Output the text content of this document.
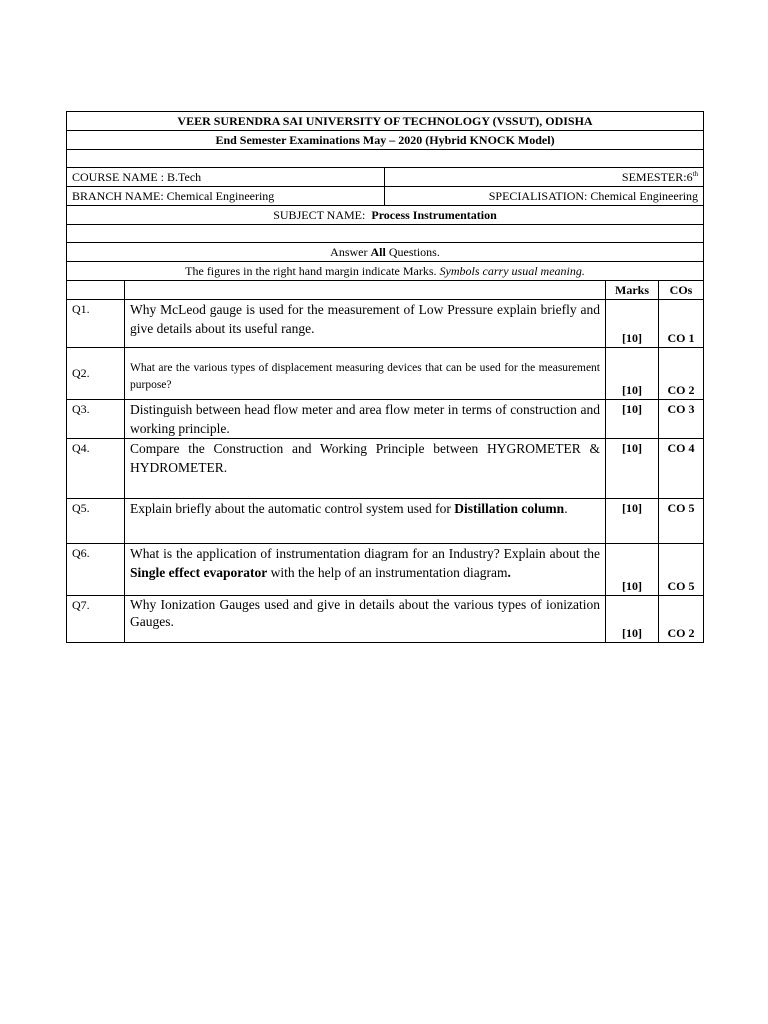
VEER SURENDRA SAI UNIVERSITY OF TECHNOLOGY (VSSUT), ODISHA				
End Semester Examinations May – 2020 (Hybrid KNOCK Model)				

COURSE NAME : B.Tech		SEMESTER:6th
BRANCH NAME: Chemical Engineering		SPECIALISATION: Chemical Engineering		
SUBJECT NAME:  Process Instrumentation				

Answer All Questions.				
The figures in the right hand margin indicate Marks. Symbols carry usual meaning.				
			Marks	COs
Q1.	Why McLeod gauge is used for the measurement of Low Pressure explain briefly and give details about its useful range.		[10]	CO 1
Q2.	What are the various types of displacement measuring devices that can be used for the measurement purpose?		[10]	CO 2
Q3.	Distinguish between head flow meter and area flow meter in terms of construction and working principle.		[10]	CO 3
Q4.	Compare the Construction and Working Principle between HYGROMETER & HYDROMETER.		[10]	CO 4
Q5.	Explain briefly about the automatic control system used for Distillation column.		[10]	CO 5
Q6.	What is the application of instrumentation diagram for an Industry? Explain about the Single effect evaporator with the help of an instrumentation diagram.		[10]	CO 5
Q7.	Why Ionization Gauges used and give in details about the various types of ionization Gauges.		[10]	CO 2
